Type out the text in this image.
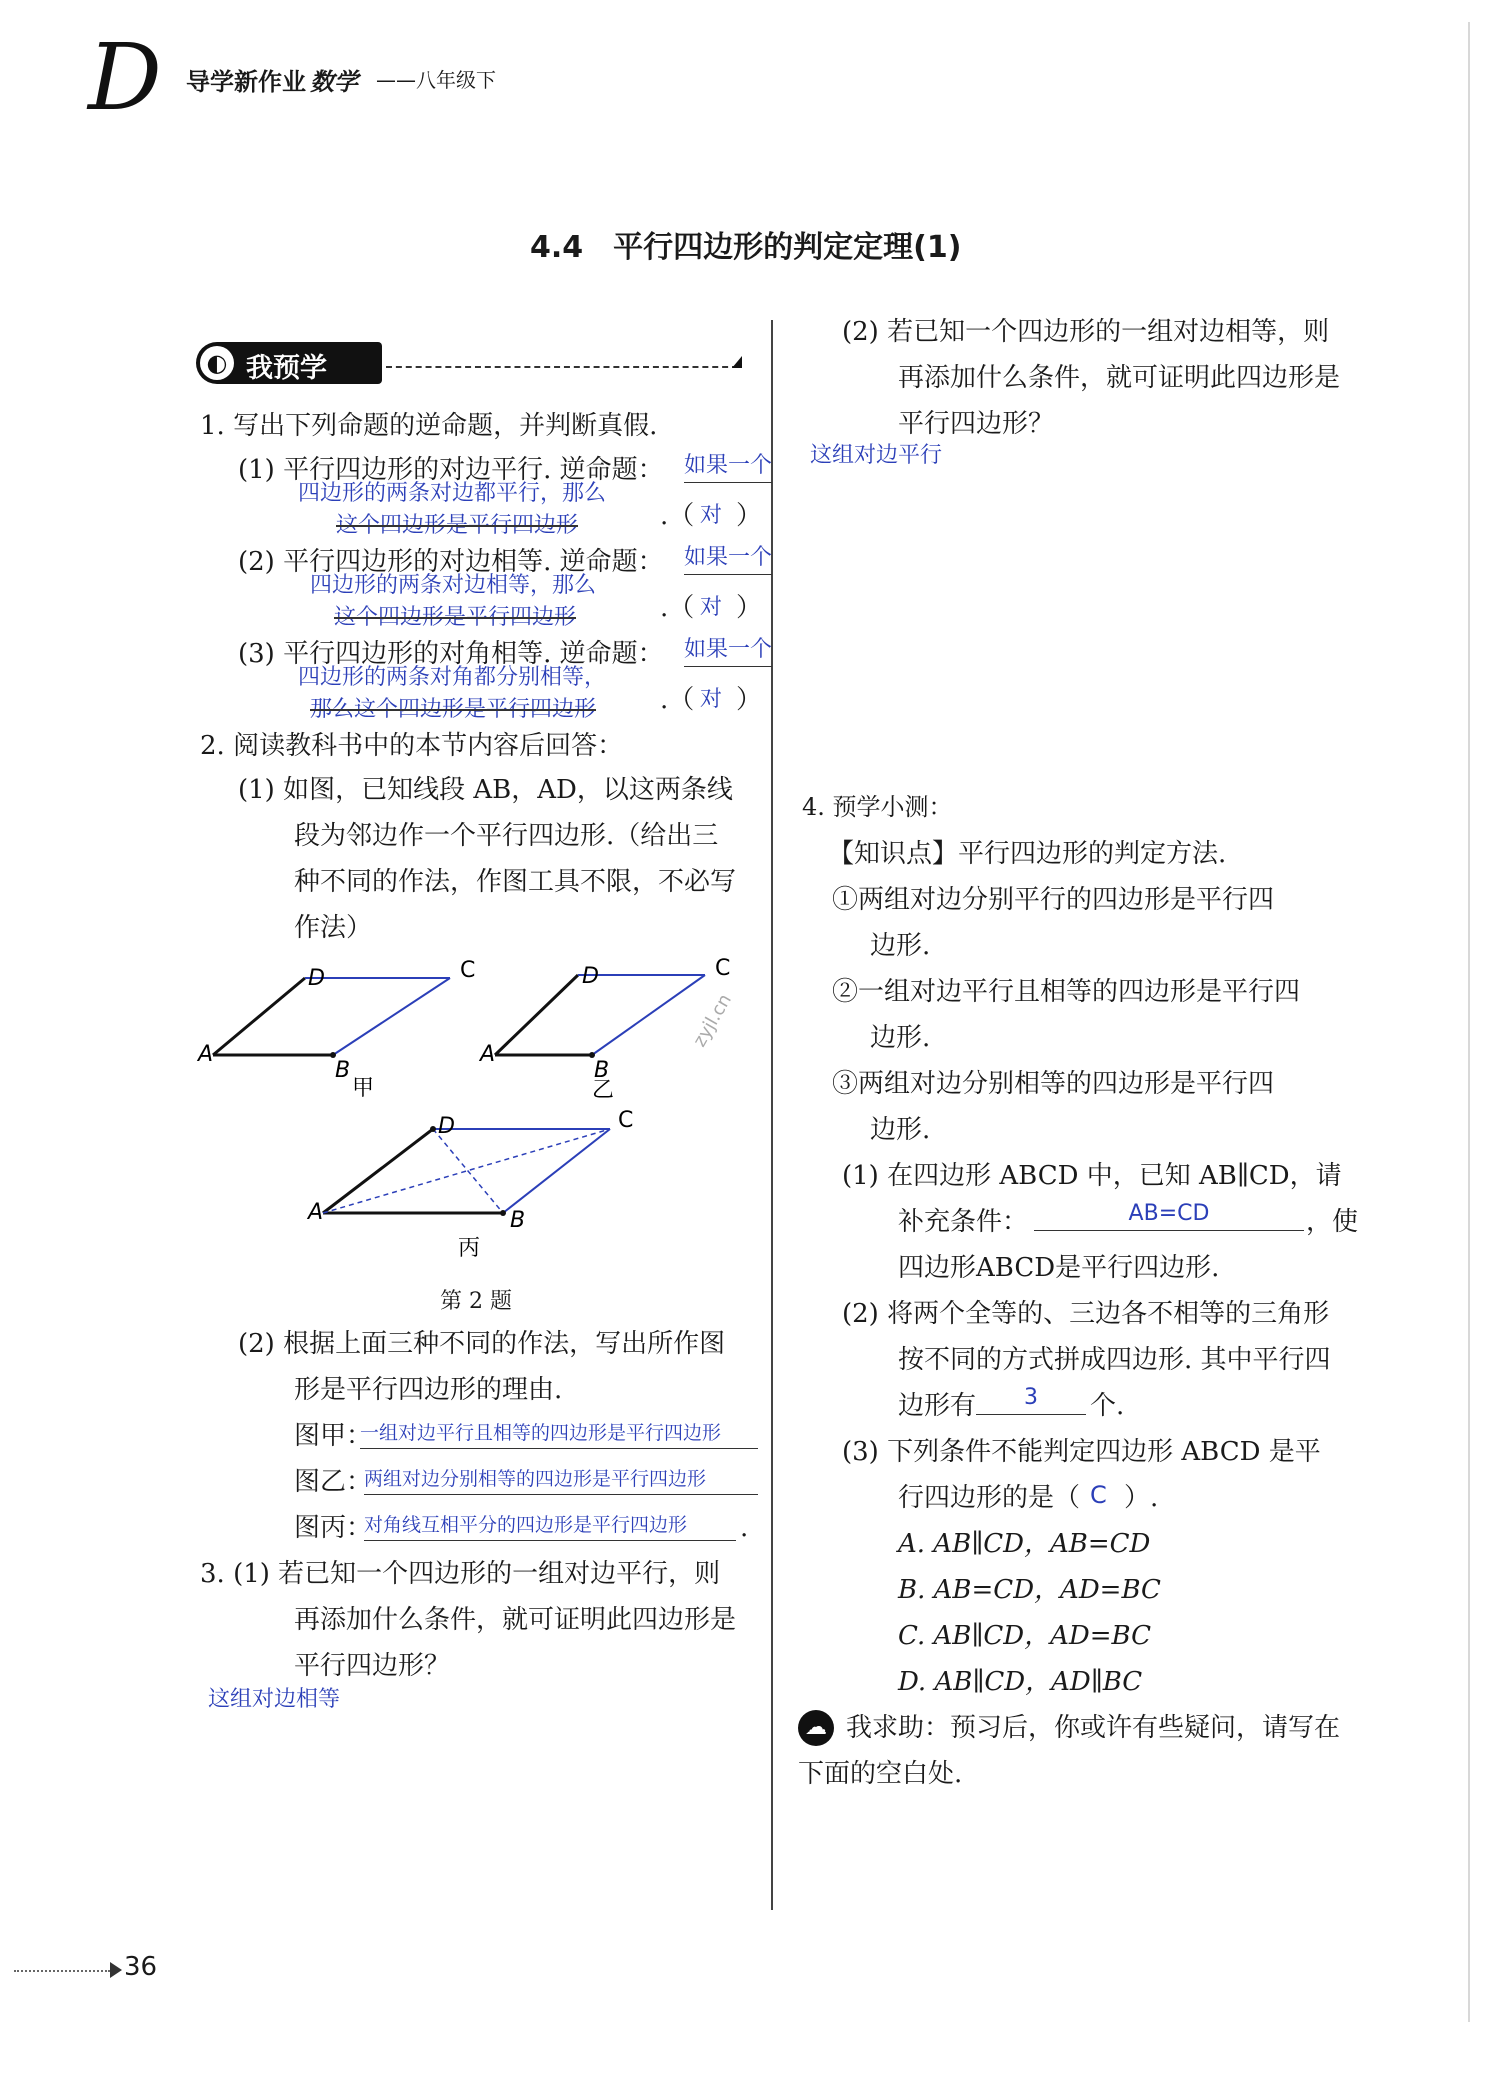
D 导学新作业 数学 ——八年级下
4.4　平行四边形的判定定理(1)
◐ 我预学
1. 写出下列命题的逆命题，并判断真假.
(1) 平行四边形的对边平行. 逆命题： 如果一个
四边形的两条对边都平行，那么
这个四边形是平行四边形	.（ 对 ）
(2) 平行四边形的对边相等. 逆命题： 如果一个
四边形的两条对边相等，那么
这个四边形是平行四边形	.（ 对 ）
(3) 平行四边形的对角相等. 逆命题： 如果一个
四边形的两条对角都分别相等，
那么这个四边形是平行四边形 .（ 对 ）
2. 阅读教科书中的本节内容后回答：
(1) 如图，已知线段 AB，AD，以这两条线
段为邻边作一个平行四边形.（给出三
种不同的作法，作图工具不限，不必写
作法）
A
B
C
D
甲
A
B
C
D
乙
A	B
C
D
丙
第 2 题
(2) 根据上面三种不同的作法，写出所作图
形是平行四边形的理由.
图甲：
一组对边平行且相等的四边形是平行四边形
图乙：
两组对边分别相等的四边形是平行四边形
图丙：
对角线互相平分的四边形是平行四边形	.
3. (1) 若已知一个四边形的一组对边平行，则
再添加什么条件，就可证明此四边形是
平行四边形？
这组对边相等
(2) 若已知一个四边形的一组对边相等，则
再添加什么条件，就可证明此四边形是
平行四边形？
这组对边平行
zyjl.cn
4. 预学小测：
【知识点】平行四边形的判定方法.
①两组对边分别平行的四边形是平行四
边形.
②一组对边平行且相等的四边形是平行四
边形.
③两组对边分别相等的四边形是平行四
边形.
(1) 在四边形 ABCD 中，已知 AB∥CD，请
补充条件：	AB=CD	，使
四边形ABCD是平行四边形.
(2) 将两个全等的、三边各不相等的三角形
按不同的方式拼成四边形. 其中平行四
边形有	3	个.
(3) 下列条件不能判定四边形 ABCD 是平
行四边形的是（ C ）.
A. AB∥CD，AB=CD
B. AB=CD，AD=BC
C. AB∥CD，AD=BC
D. AB∥CD，AD∥BC
☁ 我求助：预习后，你或许有些疑问，请写在
下面的空白处.
36
